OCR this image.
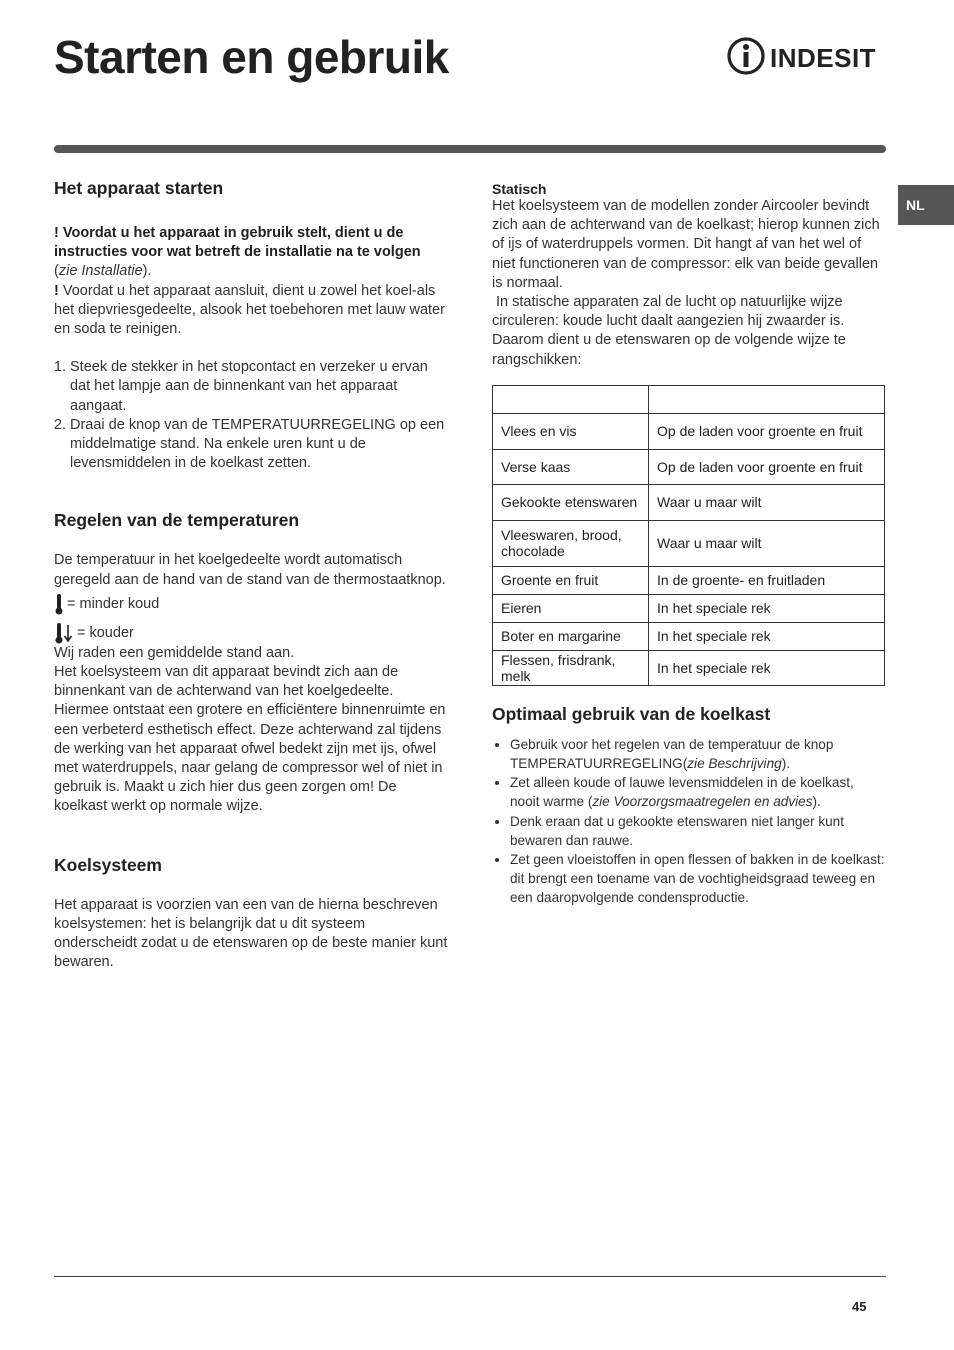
Starten en gebruik	INDESIT
NL
Het apparaat starten

! Voordat u het apparaat in gebruik stelt, dient u de instructies voor wat betreft de installatie na te volgen
(zie Installatie).

! Voordat u het apparaat aansluit, dient u zowel het koel-als het diepvriesgedeelte, alsook het toebehoren met lauw water en soda te reinigen.

1. Steek de stekker in het stopcontact en verzeker u ervan dat het lampje aan de binnenkant van het apparaat aangaat.
2. Draai de knop van de TEMPERATUURREGELING op een middelmatige stand. Na enkele uren kunt u de levensmiddelen in de koelkast zetten.
Regelen van de temperaturen

De temperatuur in het koelgedeelte wordt automatisch geregeld aan de hand van de stand van de thermostaatknop.

= minder koud
= kouder

Wij raden een gemiddelde stand aan.

Het koelsysteem van dit apparaat bevindt zich aan de binnenkant van de achterwand van het koelgedeelte. Hiermee ontstaat een grotere en efficiëntere binnenruimte en een verbeterd esthetisch effect. Deze achterwand zal tijdens de werking van het apparaat ofwel bedekt zijn met ijs, ofwel met waterdruppels, naar gelang de compressor wel of niet in gebruik is. Maakt u zich hier dus geen zorgen om! De koelkast werkt op normale wijze.

Koelsysteem

Het apparaat is voorzien van een van de hierna beschreven koelsystemen: het is belangrijk dat u dit systeem onderscheidt zodat u de etenswaren op de beste manier kunt bewaren.

Statisch

Het koelsysteem van de modellen zonder Aircooler bevindt zich aan de achterwand van de koelkast; hierop kunnen zich of ijs of waterdruppels vormen. Dit hangt af van het wel of niet functioneren van de compressor: elk van beide gevallen is normaal.

In statische apparaten zal de lucht op natuurlijke wijze circuleren: koude lucht daalt aangezien hij zwaarder is. Daarom dient u de etenswaren op de volgende wijze te rangschikken:

Vlees en vis	Op de laden voor groente en fruit
Verse kaas	Op de laden voor groente en fruit
Gekookte etenswaren	Waar u maar wilt
Vleeswaren, brood, chocolade	Waar u maar wilt
Groente en fruit	In de groente- en fruitladen
Eieren	In het speciale rek
Boter en margarine	In het speciale rek
Flessen, frisdrank, melk	In het speciale rek
Optimaal gebruik van de koelkast
• Gebruik voor het regelen van de temperatuur de knop TEMPERATUURREGELING(zie Beschrijving).
• Zet alleen koude of lauwe levensmiddelen in de koelkast, nooit warme (zie Voorzorgsmaatregelen en advies).
• Denk eraan dat u gekookte etenswaren niet langer kunt bewaren dan rauwe.
• Zet geen vloeistoffen in open flessen of bakken in de koelkast: dit brengt een toename van de vochtigheidsgraad teweeg en een daaropvolgende condensproductie.
45
